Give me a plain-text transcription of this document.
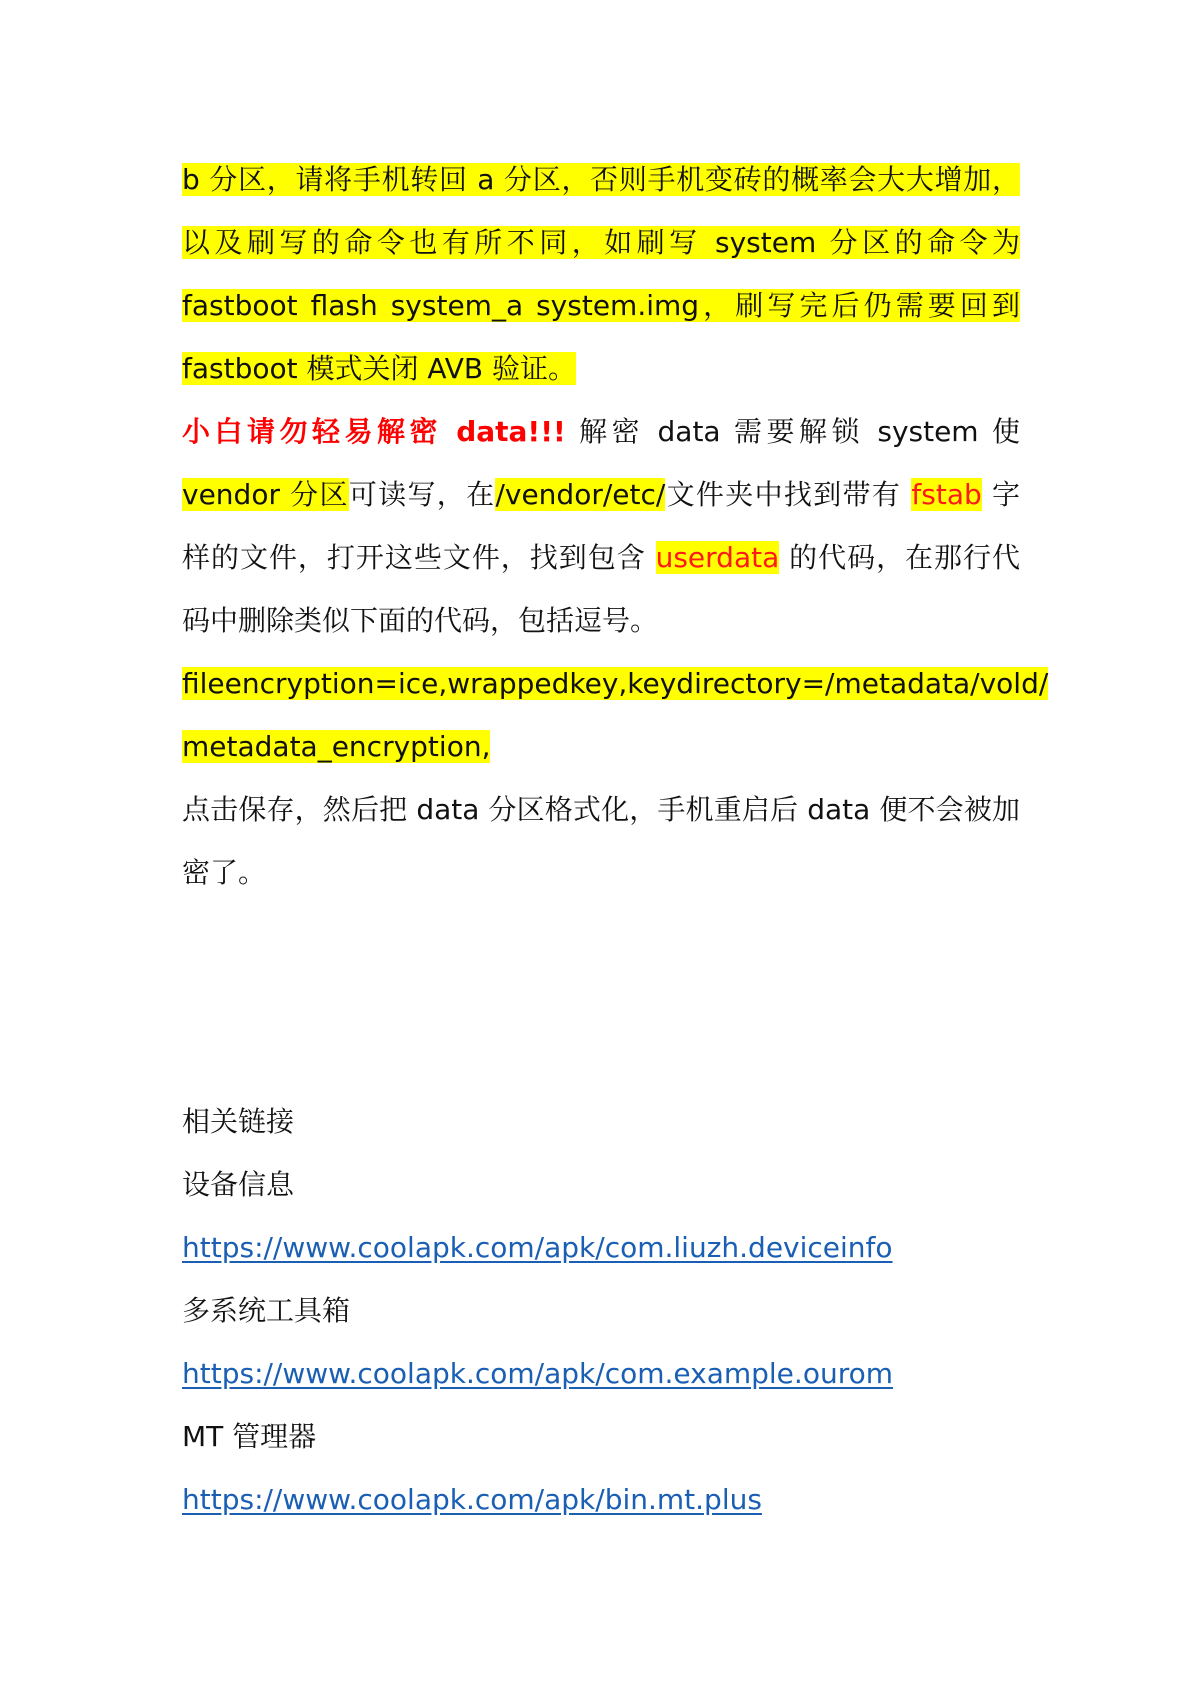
b 分区，请将手机转回 a 分区，否则手机变砖的概率会大大增加，以及刷写的命令也有所不同，如刷写 system 分区的命令为 fastboot flash system_a system.img，刷写完后仍需要回到 fastboot 模式关闭 AVB 验证。

小白请勿轻易解密 data!!! 解密 data 需要解锁 system 使 vendor 分区可读写，在/vendor/etc/文件夹中找到带有 fstab 字样的文件，打开这些文件，找到包含 userdata 的代码，在那行代码中删除类似下面的代码，包括逗号。

fileencryption=ice,wrappedkey,keydirectory=/metadata/vold/

metadata_encryption,

点击保存，然后把 data 分区格式化，手机重启后 data 便不会被加密了。

相关链接

设备信息

https://www.coolapk.com/apk/com.liuzh.deviceinfo

多系统工具箱

https://www.coolapk.com/apk/com.example.ourom

MT 管理器

https://www.coolapk.com/apk/bin.mt.plus
